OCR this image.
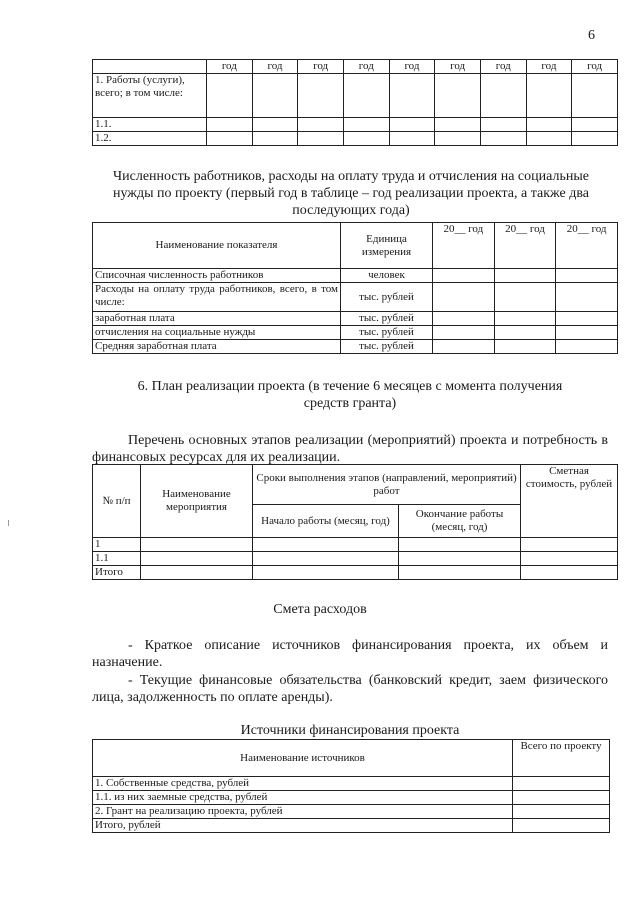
6
	год	год	год	год	год	год	год	год	год
1. Работы (услуги), всего; в том числе:									
1.1.									
1.2.									
Численность работников, расходы на оплату труда и отчисления на социальные нужды по проекту (первый год в таблице – год реализации проекта, а также два последующих года)
Наименование показателя	Единица измерения	20__ год	20__ год	20__ год
Списочная численность работников	человек			
Расходы на оплату труда работников, всего, в том числе:	тыс. рублей			
заработная плата	тыс. рублей			
отчисления на социальные нужды	тыс. рублей			
Средняя заработная плата	тыс. рублей			
6. План реализации проекта (в течение 6 месяцев с момента получения средств гранта)
Перечень основных этапов реализации (мероприятий) проекта и потребность в финансовых ресурсах для их реализации.
№ п/п	Наименование мероприятия	Сроки выполнения этапов (направлений, мероприятий) работ		Сметная стоимость, рублей
		Начало работы (месяц, год)	Окончание работы (месяц, год)	
1				
1.1				
Итого				
Смета расходов
- Краткое описание источников финансирования проекта, их объем и назначение.
- Текущие финансовые обязательства (банковский кредит, заем физического лица, задолженность по оплате аренды).
Источники финансирования проекта
Наименование источников	Всего по проекту
1. Собственные средства, рублей	
1.1. из них заемные средства, рублей	
2. Грант на реализацию проекта, рублей	
Итого, рублей	
